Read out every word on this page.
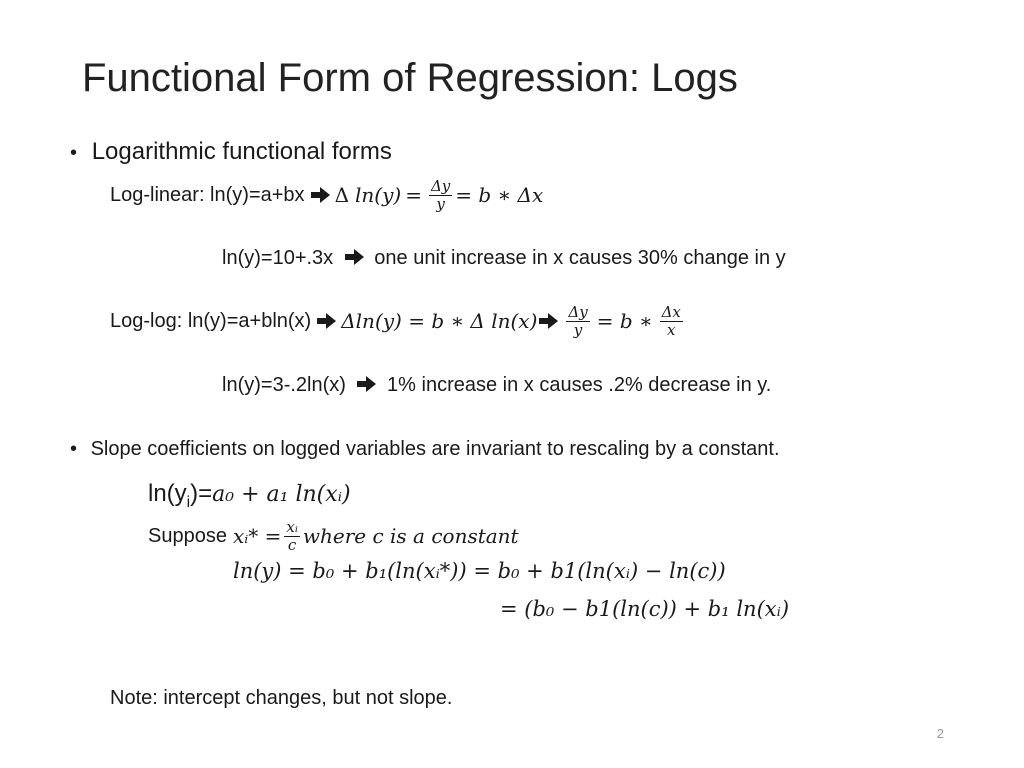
Functional Form of Regression: Logs
• Logarithmic functional forms
Log-linear: ln(y)=a+bx Δ $\ln(y) = \frac{\Delta y}{y} = b$ ∗ Δx
ln(y)=10+.3x one unit increase in x causes 30% change in y
Log-log: ln(y)=a+bln(x) Δln(y) = b ∗ Δ $\ln(x) \frac{\Delta y}{y} = b$ ∗ $\frac{\Delta x}{x}$
ln(y)=3-.2ln(x) 1% increase in x causes .2% decrease in y.
• Slope coefficients on logged variables are invariant to rescaling by a constant.
$\ln(y_i)=a_0 + a_1$ ln(xᵢ)
Suppose xᵢ* = $\frac{\text{xᵢ}}{c}$ where c is a constant
ln(y) = b₀ + b₁(ln(xᵢ*)) = b₀ + b1(ln(xᵢ) − ln(c))
= (b₀ − b1(ln(c)) + b₁ ln(xᵢ)
Note: intercept changes, but not slope.
2
